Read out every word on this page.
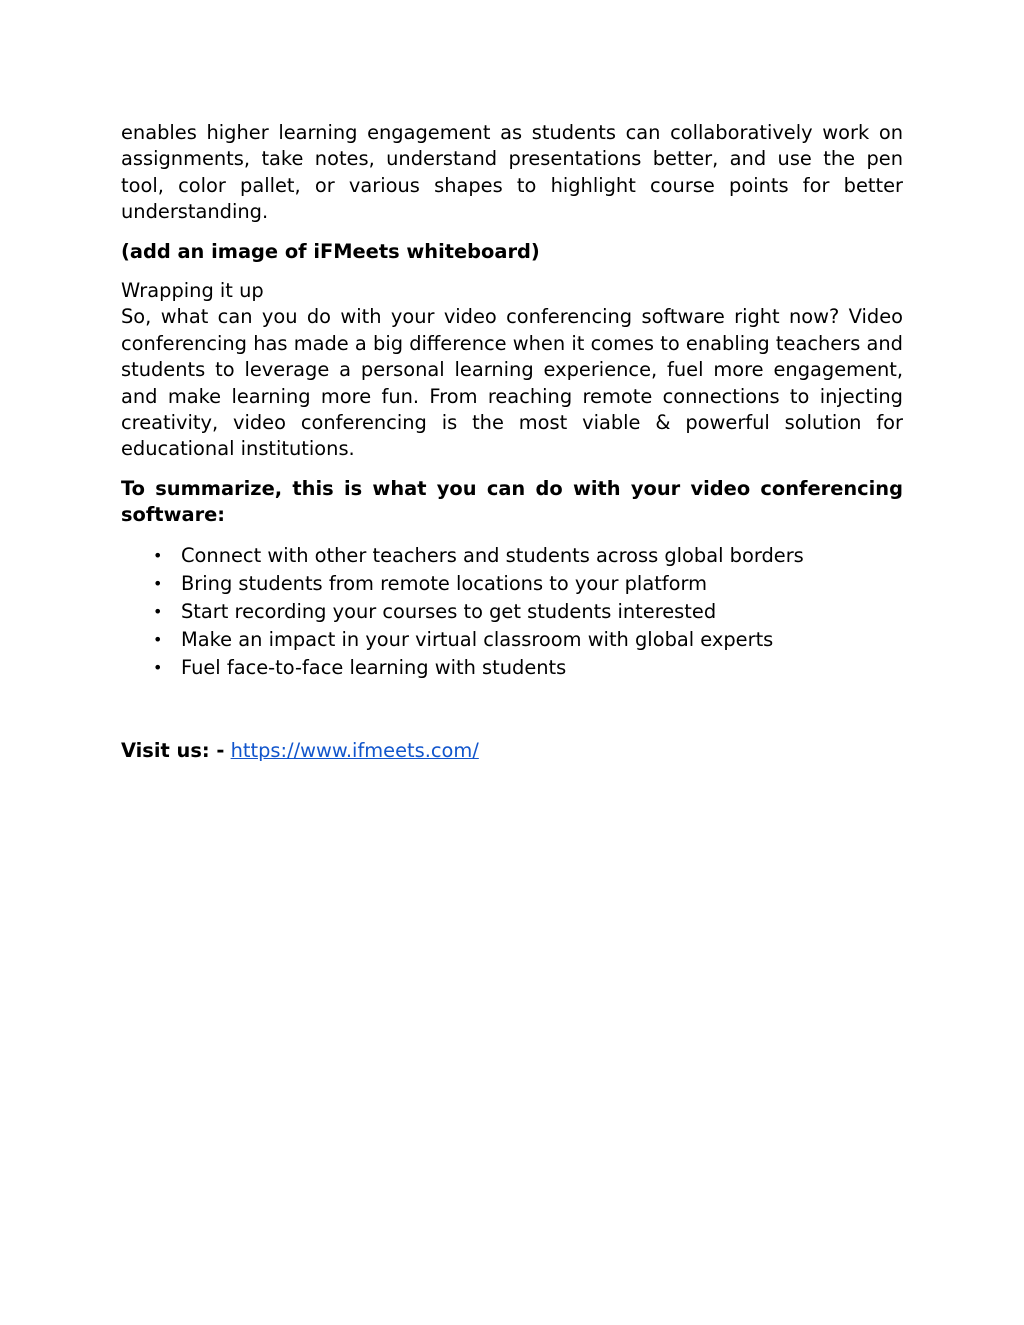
enables higher learning engagement as students can collaboratively work on assignments, take notes, understand presentations better, and use the pen tool, color pallet, or various shapes to highlight course points for better understanding.

(add an image of iFMeets whiteboard)

Wrapping it up

So, what can you do with your video conferencing software right now? Video conferencing has made a big difference when it comes to enabling teachers and students to leverage a personal learning experience, fuel more engagement, and make learning more fun. From reaching remote connections to injecting creativity, video conferencing is the most viable & powerful solution for educational institutions.

To summarize, this is what you can do with your video conferencing software:

• Connect with other teachers and students across global borders
• Bring students from remote locations to your platform
• Start recording your courses to get students interested
• Make an impact in your virtual classroom with global experts
• Fuel face-to-face learning with students

Visit us: - https://www.ifmeets.com/
